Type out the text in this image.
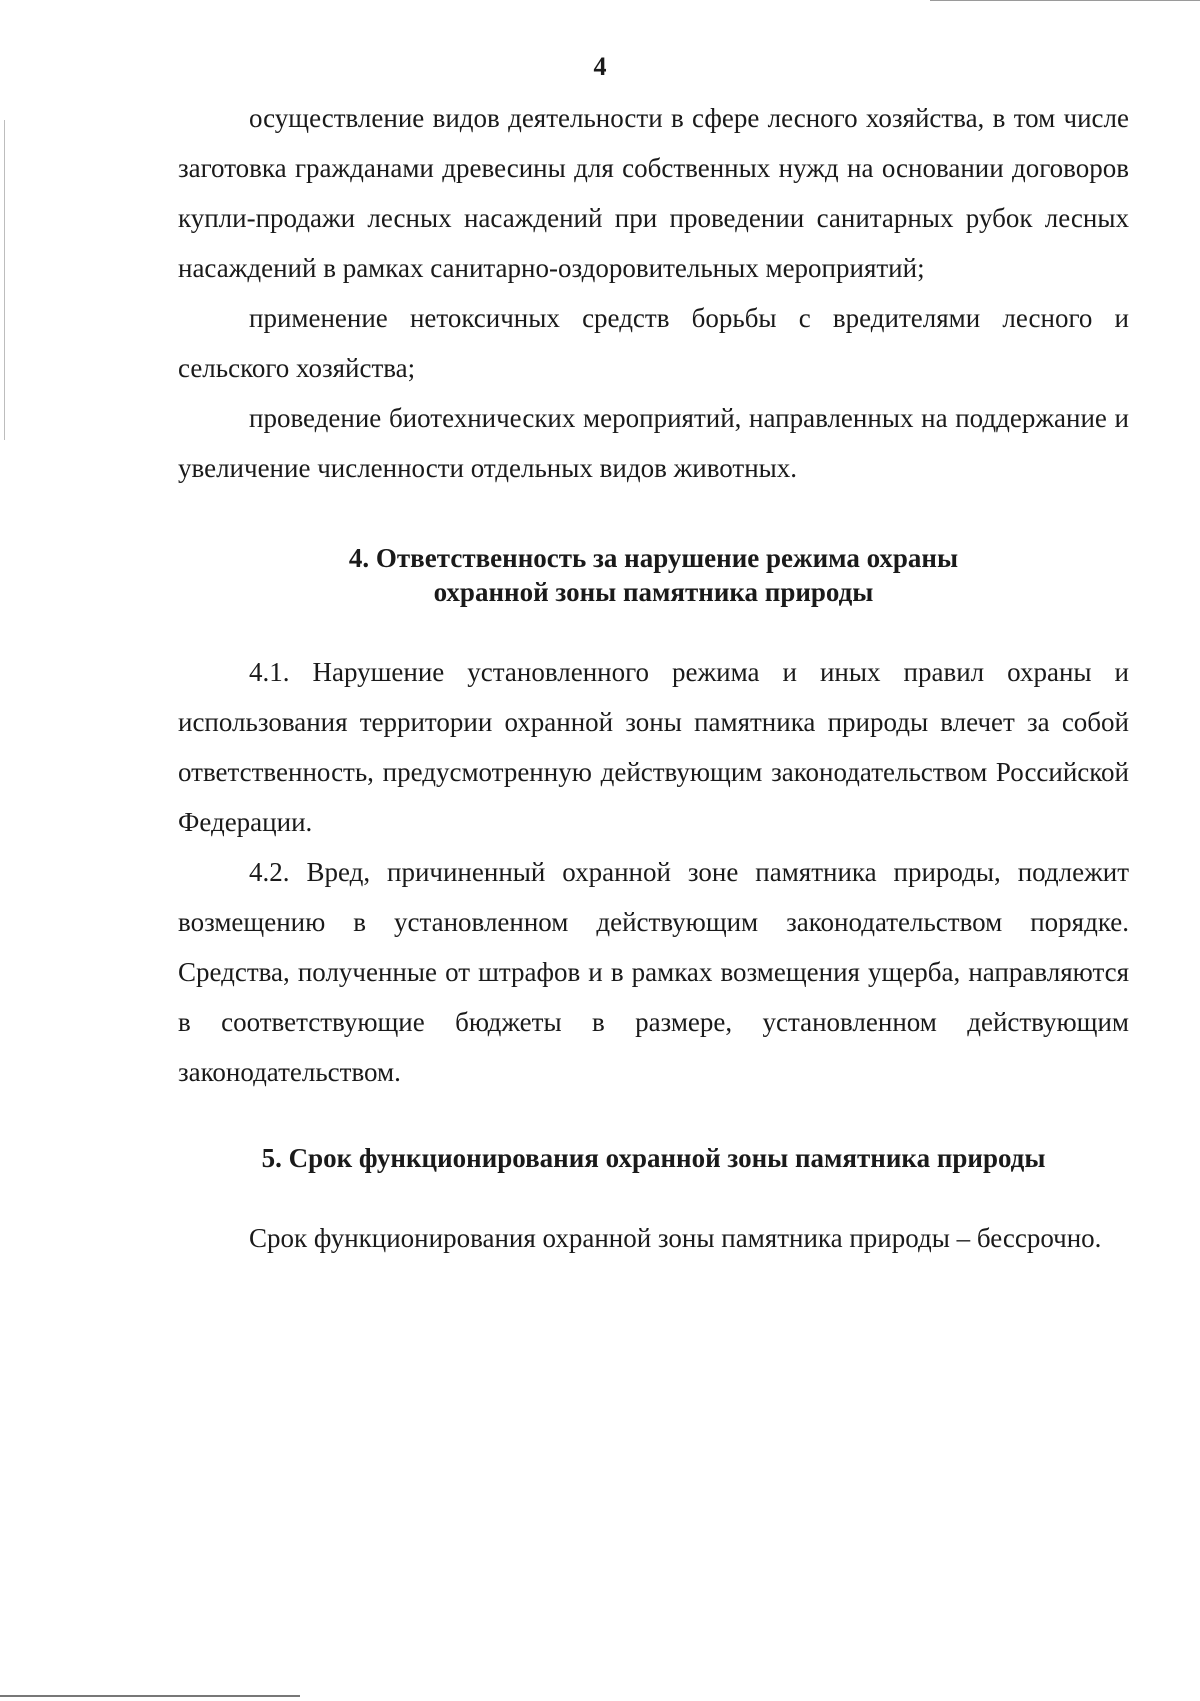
4

осуществление видов деятельности в сфере лесного хозяйства, в том числе заготовка гражданами древесины для собственных нужд на основании договоров купли-продажи лесных насаждений при проведении санитарных рубок лесных насаждений в рамках санитарно-оздоровительных мероприятий;

применение нетоксичных средств борьбы с вредителями лесного и сельского хозяйства;

проведение биотехнических мероприятий, направленных на поддержание и увеличение численности отдельных видов животных.

4. Ответственность за нарушение режима охраны
охранной зоны памятника природы

4.1. Нарушение установленного режима и иных правил охраны и использования территории охранной зоны памятника природы влечет за собой ответственность, предусмотренную действующим законодательством Российской Федерации.

4.2. Вред, причиненный охранной зоне памятника природы, подлежит возмещению в установленном действующим законодательством порядке. Средства, полученные от штрафов и в рамках возмещения ущерба, направляются в соответствующие бюджеты в размере, установленном действующим законодательством.

5. Срок функционирования охранной зоны памятника природы

Срок функционирования охранной зоны памятника природы – бессрочно.
